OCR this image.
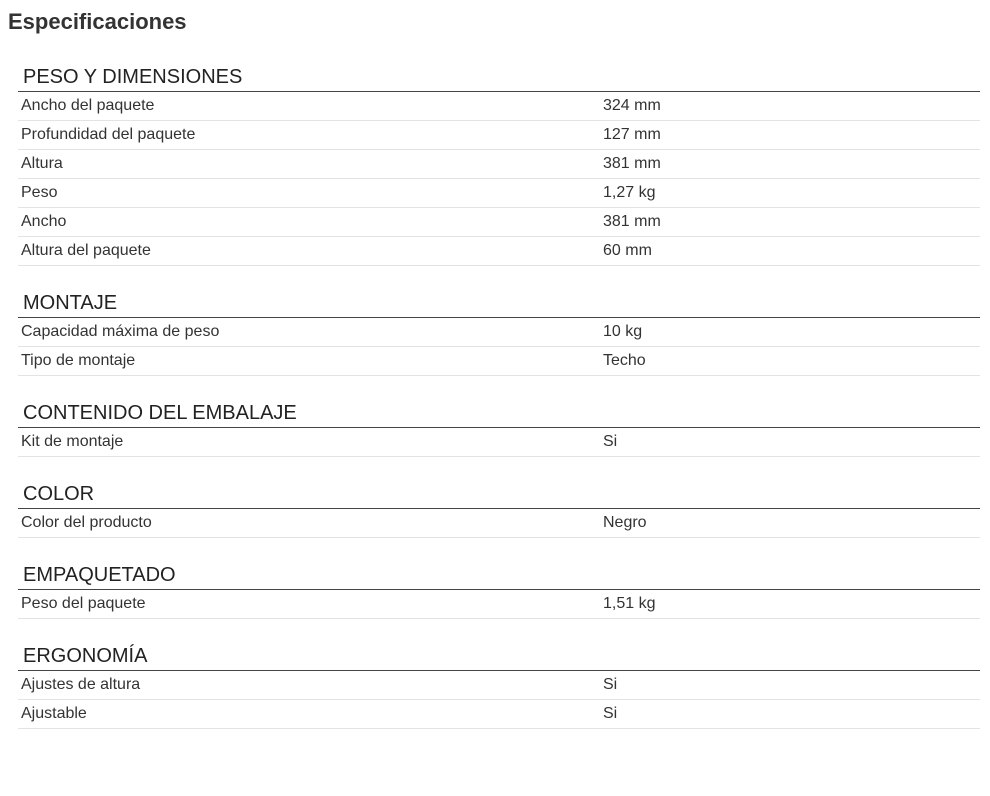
Especificaciones
PESO Y DIMENSIONES
Ancho del paquete	324 mm
Profundidad del paquete	127 mm
Altura	381 mm
Peso	1,27 kg
Ancho	381 mm
Altura del paquete	60 mm
MONTAJE
Capacidad máxima de peso	10 kg
Tipo de montaje	Techo
CONTENIDO DEL EMBALAJE
Kit de montaje	Si
COLOR
Color del producto	Negro
EMPAQUETADO
Peso del paquete	1,51 kg
ERGONOMÍA
Ajustes de altura	Si
Ajustable	Si
